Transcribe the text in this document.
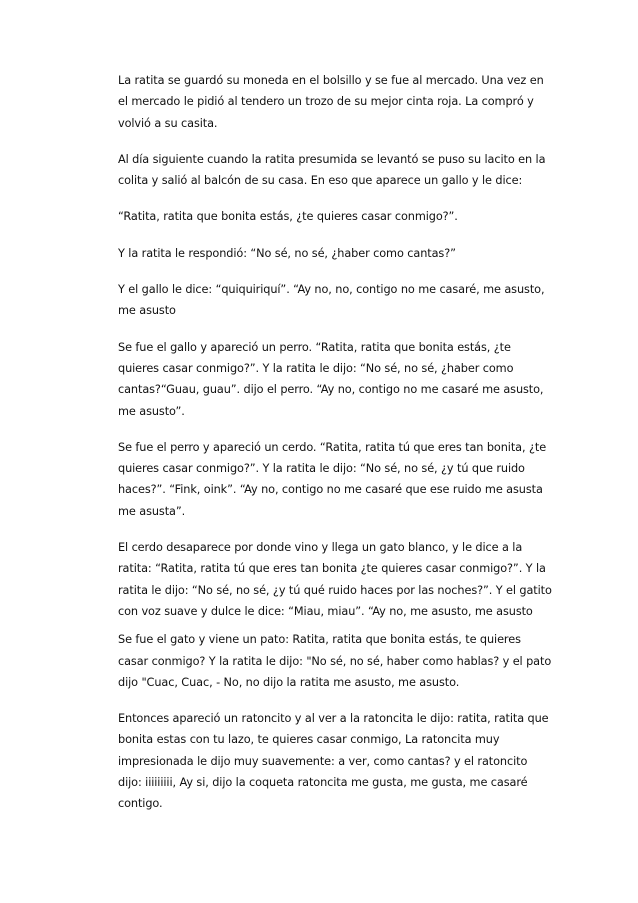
La ratita se guardó su moneda en el bolsillo y se fue al mercado. Una vez en el mercado le pidió al tendero un trozo de su mejor cinta roja. La compró y volvió a su casita.

Al día siguiente cuando la ratita presumida se levantó se puso su lacito en la colita y salió al balcón de su casa. En eso que aparece un gallo y le dice:

“Ratita, ratita que bonita estás, ¿te quieres casar conmigo?”.

Y la ratita le respondió: “No sé, no sé, ¿haber como cantas?”

Y el gallo le dice: “quiquiriquí”. “Ay no, no, contigo no me casaré, me asusto, me asusto

Se fue el gallo y apareció un perro. “Ratita, ratita que bonita estás, ¿te quieres casar conmigo?”. Y la ratita le dijo: “No sé, no sé, ¿haber como cantas?“Guau, guau”. dijo el perro. “Ay no, contigo no me casaré me asusto, me asusto”.

Se fue el perro y apareció un cerdo. “Ratita, ratita tú que eres tan bonita, ¿te quieres casar conmigo?”. Y la ratita le dijo: “No sé, no sé, ¿y tú que ruido haces?”. “Fink, oink”. “Ay no, contigo no me casaré que ese ruido me asusta me asusta”.

El cerdo desaparece por donde vino y llega un gato blanco, y le dice a la ratita: “Ratita, ratita tú que eres tan bonita ¿te quieres casar conmigo?”. Y la ratita le dijo: “No sé, no sé, ¿y tú qué ruido haces por las noches?”. Y el gatito con voz suave y dulce le dice: “Miau, miau”. “Ay no, me asusto, me asusto

Se fue el gato y viene un pato: Ratita, ratita que bonita estás, te quieres casar conmigo? Y la ratita le dijo: "No sé, no sé, haber como hablas? y el pato dijo "Cuac, Cuac, - No, no dijo la ratita me asusto, me asusto.

Entonces apareció un ratoncito y al ver a la ratoncita le dijo: ratita, ratita que bonita estas con tu lazo, te quieres casar conmigo, La ratoncita muy impresionada le dijo muy suavemente: a ver, como cantas? y el ratoncito dijo: iiiiiiiii, Ay si, dijo la coqueta ratoncita me gusta, me gusta, me casaré contigo.
